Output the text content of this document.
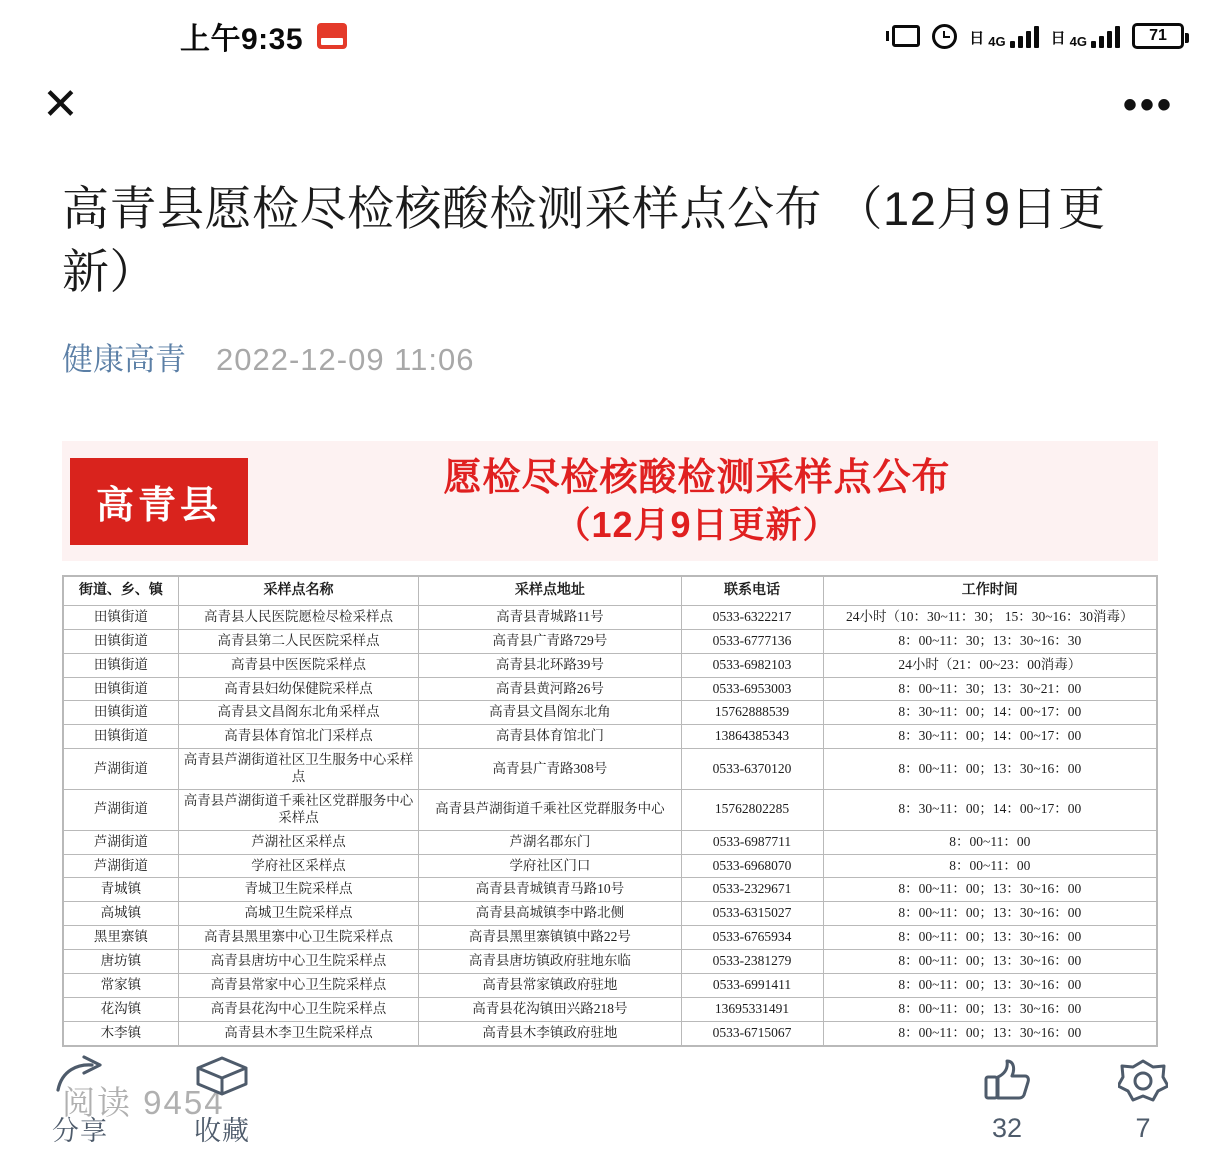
上午9:35	日 4G	日 4G	71
✕	•••
高青县愿检尽检核酸检测采样点公布 （12月9日更新）
健康高青 2022-12-09 11:06
高青县
愿检尽检核酸检测采样点公布
（12月9日更新）
街道、乡、镇	采样点名称	采样点地址	联系电话	工作时间
田镇街道	高青县人民医院愿检尽检采样点	高青县青城路11号	0533-6322217	24小时（10：30~11：30； 15：30~16：30消毒）
田镇街道	高青县第二人民医院采样点	高青县广青路729号	0533-6777136	8：00~11：30；13：30~16：30
田镇街道	高青县中医医院采样点	高青县北环路39号	0533-6982103	24小时（21：00~23：00消毒）
田镇街道	高青县妇幼保健院采样点	高青县黄河路26号	0533-6953003	8：00~11：30；13：30~21：00
田镇街道	高青县文昌阁东北角采样点	高青县文昌阁东北角	15762888539	8：30~11：00；14：00~17：00
田镇街道	高青县体育馆北门采样点	高青县体育馆北门	13864385343	8：30~11：00；14：00~17：00
芦湖街道	高青县芦湖街道社区卫生服务中心采样点	高青县广青路308号	0533-6370120	8：00~11：00；13：30~16：00
芦湖街道	高青县芦湖街道千乘社区党群服务中心采样点	高青县芦湖街道千乘社区党群服务中心	15762802285	8：30~11：00；14：00~17：00
芦湖街道	芦湖社区采样点	芦湖名郡东门	0533-6987711	8：00~11：00
芦湖街道	学府社区采样点	学府社区门口	0533-6968070	8：00~11：00
青城镇	青城卫生院采样点	高青县青城镇青马路10号	0533-2329671	8：00~11：00；13：30~16：00
高城镇	高城卫生院采样点	高青县高城镇李中路北侧	0533-6315027	8：00~11：00；13：30~16：00
黑里寨镇	高青县黑里寨中心卫生院采样点	高青县黑里寨镇镇中路22号	0533-6765934	8：00~11：00；13：30~16：00
唐坊镇	高青县唐坊中心卫生院采样点	高青县唐坊镇政府驻地东临	0533-2381279	8：00~11：00；13：30~16：00
常家镇	高青县常家中心卫生院采样点	高青县常家镇政府驻地	0533-6991411	8：00~11：00；13：30~16：00
花沟镇	高青县花沟中心卫生院采样点	高青县花沟镇田兴路218号	13695331491	8：00~11：00；13：30~16：00
木李镇	高青县木李卫生院采样点	高青县木李镇政府驻地	0533-6715067	8：00~11：00；13：30~16：00
阅读 9454
分享	收藏	32	7
